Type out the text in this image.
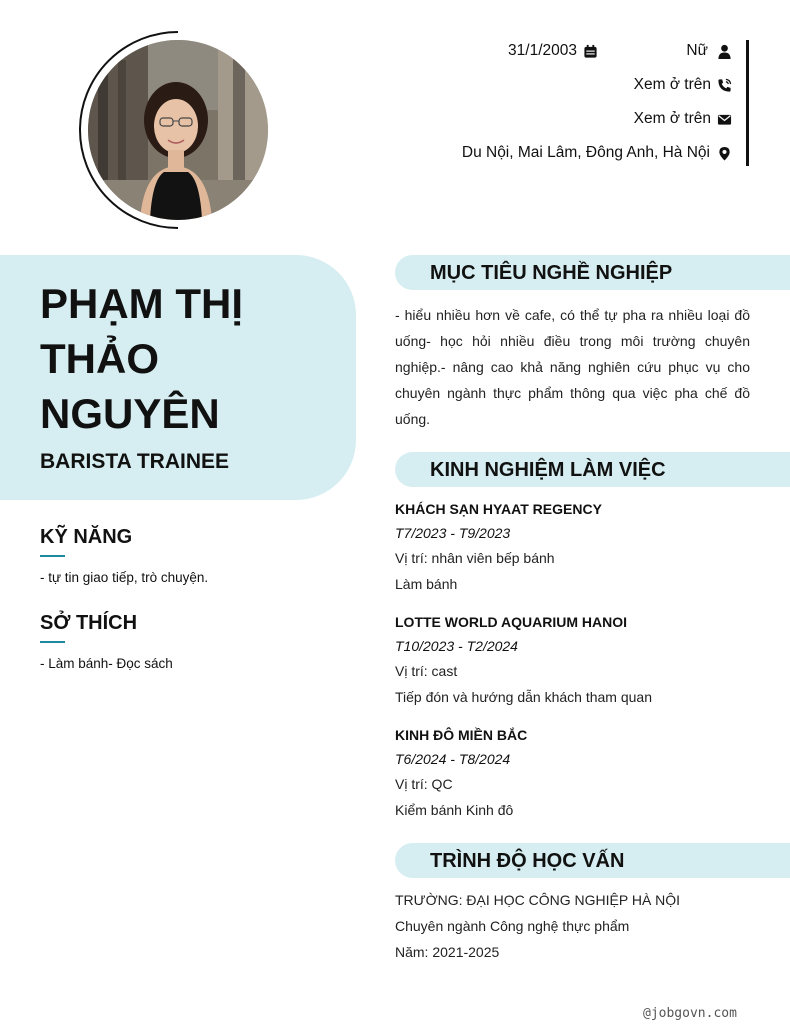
31/1/2003	Nữ
Xem ở trên
Xem ở trên
Du Nội, Mai Lâm, Đông Anh, Hà Nội
PHẠM THỊ THẢO NGUYÊN
BARISTA TRAINEE
KỸ NĂNG
- tự tin giao tiếp, trò chuyện.
SỞ THÍCH
- Làm bánh- Đọc sách
MỤC TIÊU NGHỀ NGHIỆP
- hiểu nhiều hơn về cafe, có thể tự pha ra nhiều loại đồ uống- học hỏi nhiều điều trong môi trường chuyên nghiệp.- nâng cao khả năng nghiên cứu phục vụ cho chuyên ngành thực phẩm thông qua việc pha chế đồ uống.
KINH NGHIỆM LÀM VIỆC
KHÁCH SẠN HYAAT REGENCY
T7/2023 - T9/2023
Vị trí: nhân viên bếp bánh
Làm bánh
LOTTE WORLD AQUARIUM HANOI
T10/2023 - T2/2024
Vị trí: cast
Tiếp đón và hướng dẫn khách tham quan
KINH ĐÔ MIỀN BẮC
T6/2024 - T8/2024
Vị trí: QC
Kiểm bánh Kinh đô
TRÌNH ĐỘ HỌC VẤN
TRƯỜNG: ĐẠI HỌC CÔNG NGHIỆP HÀ NỘI
Chuyên ngành Công nghệ thực phẩm
Năm: 2021-2025
@jobgovn.com
